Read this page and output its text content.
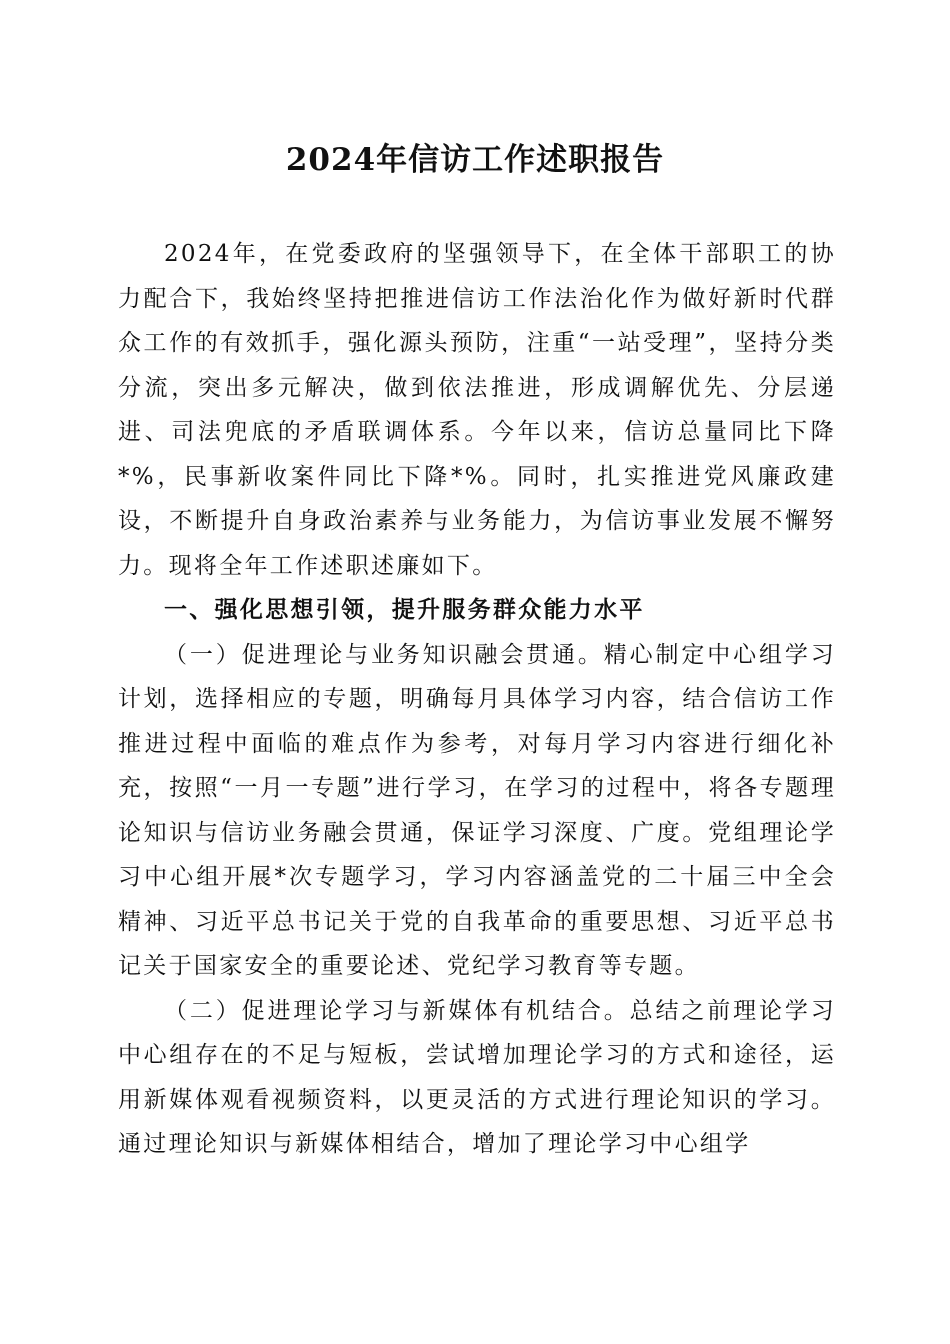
2024年信访工作述职报告

2024年，在党委政府的坚强领导下，在全体干部职工的协力配合下，我始终坚持把推进信访工作法治化作为做好新时代群众工作的有效抓手，强化源头预防，注重“一站受理”，坚持分类分流，突出多元解决，做到依法推进，形成调解优先、分层递进、司法兜底的矛盾联调体系。今年以来，信访总量同比下降*%，民事新收案件同比下降*%。同时，扎实推进党风廉政建设，不断提升自身政治素养与业务能力，为信访事业发展不懈努力。现将全年工作述职述廉如下。

一、强化思想引领，提升服务群众能力水平

（一）促进理论与业务知识融会贯通。精心制定中心组学习计划，选择相应的专题，明确每月具体学习内容，结合信访工作推进过程中面临的难点作为参考，对每月学习内容进行细化补充，按照“一月一专题”进行学习，在学习的过程中，将各专题理论知识与信访业务融会贯通，保证学习深度、广度。党组理论学习中心组开展*次专题学习，学习内容涵盖党的二十届三中全会精神、习近平总书记关于党的自我革命的重要思想、习近平总书记关于国家安全的重要论述、党纪学习教育等专题。

（二）促进理论学习与新媒体有机结合。总结之前理论学习中心组存在的不足与短板，尝试增加理论学习的方式和途径，运用新媒体观看视频资料，以更灵活的方式进行理论知识的学习。通过理论知识与新媒体相结合，增加了理论学习中心组学
